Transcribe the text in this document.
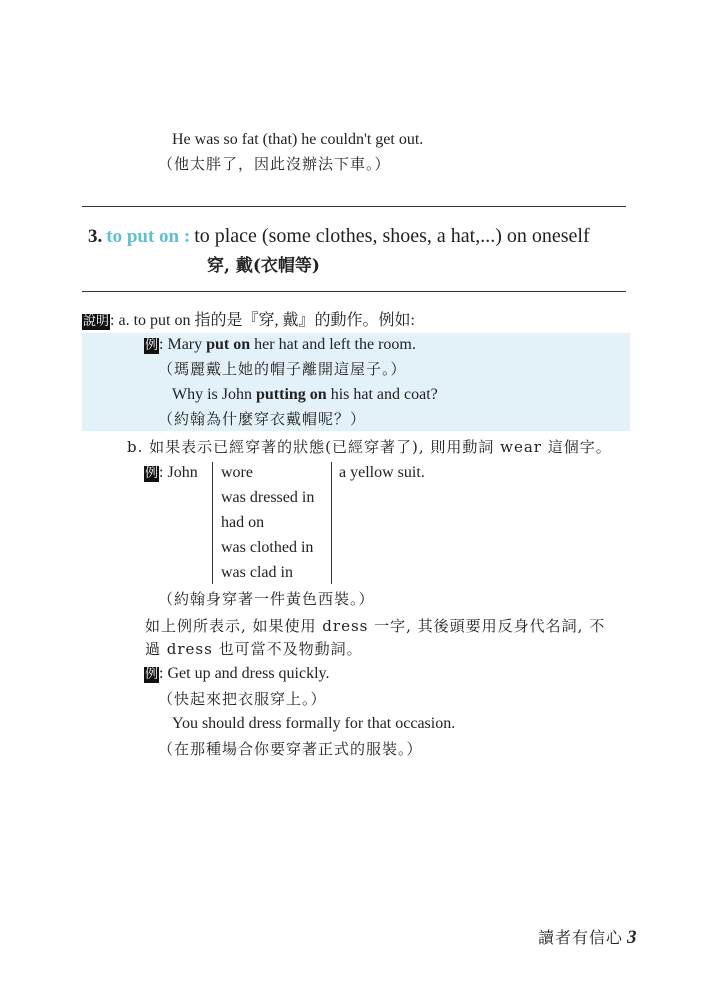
He was so fat (that) he couldn't get out.
（他太胖了，因此沒辦法下車。）
3. to put on : to place (some clothes, shoes, a hat,...) on oneself
穿, 戴(衣帽等)
說明: a. to put on 指的是『穿, 戴』的動作。例如:
例: Mary put on her hat and left the room.
（瑪麗戴上她的帽子離開這屋子。）
Why is John putting on his hat and coat?
（約翰為什麼穿衣戴帽呢？）
b. 如果表示已經穿著的狀態(已經穿著了), 則用動詞 wear 這個字。
例: John wore
was dressed in
had on
was clothed in
was clad in
a yellow suit.
（約翰身穿著一件黃色西裝。）
如上例所表示, 如果使用 dress 一字, 其後頭要用反身代名詞, 不
過 dress 也可當不及物動詞。
例: Get up and dress quickly.
（快起來把衣服穿上。）
You should dress formally for that occasion.
（在那種場合你要穿著正式的服裝。）
讀者有信心 3
